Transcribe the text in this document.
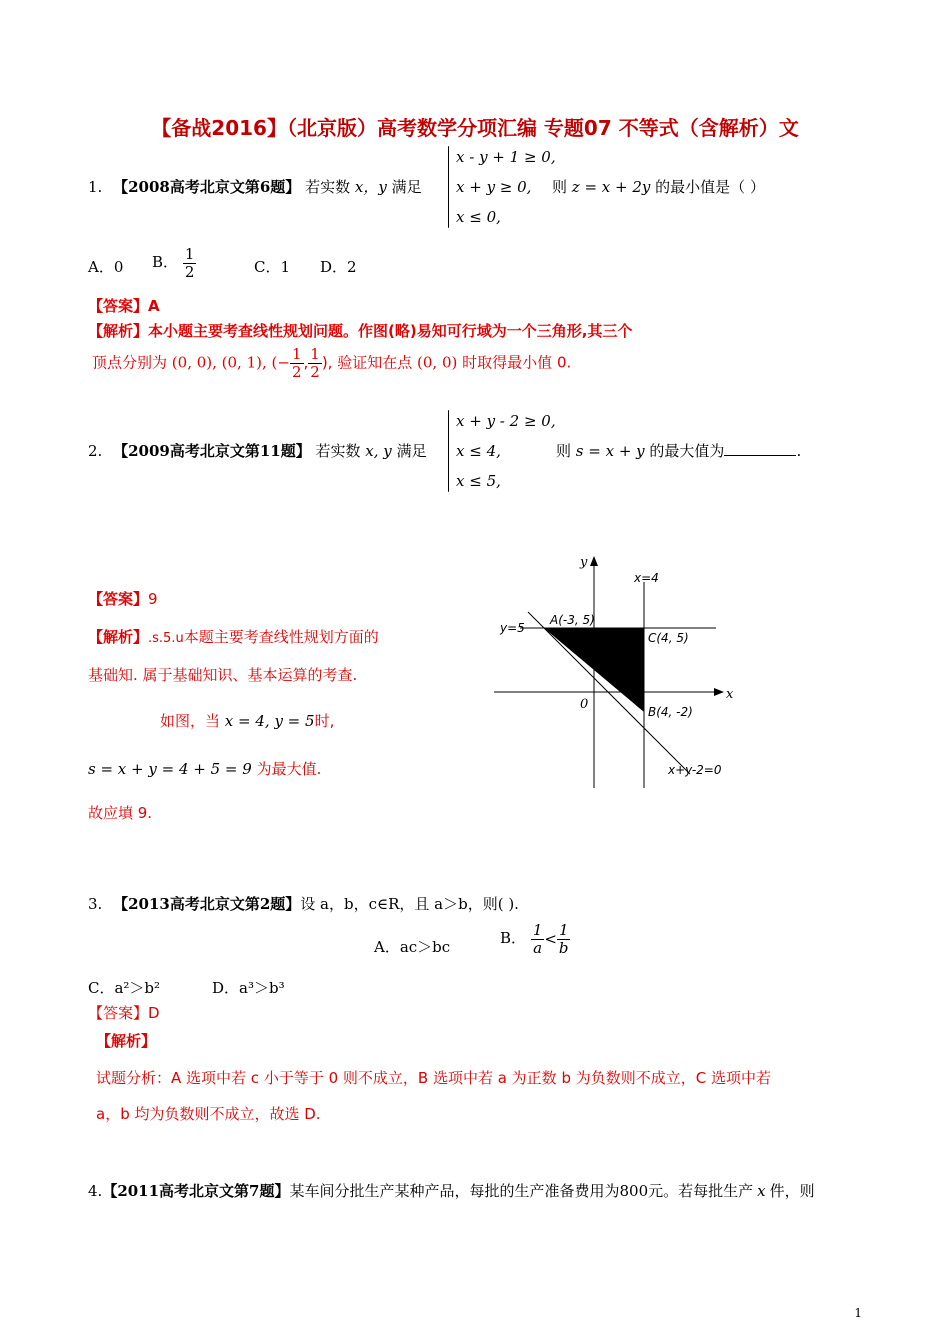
【备战2016】（北京版）高考数学分项汇编 专题07 不等式（含解析）文
1. 【2008高考北京文第6题】 若实数 x，y 满足
x - y + 1 ≥ 0,
x + y ≥ 0,
x ≤ 0,
则 z = x + 2y 的最小值是（ ）
A．0 B． $\frac{1}{2}$	C．1 D．2
【答案】A
【解析】本小题主要考查线性规划问题。作图(略)易知可行域为一个三角形,其三个
顶点分别为 (0, 0), (0, 1), (− $\frac{1}{2}$ , $\frac{1}{2}$ ), 验证知在点 (0, 0) 时取得最小值 0.
2. 【2009高考北京文第11题】 若实数 x, y 满足
x + y - 2 ≥ 0,
x ≤ 4,
x ≤ 5,
则 s = x + y 的最大值为	.
【答案】9
【解析】.s.5.u本题主要考查线性规划方面的
基础知. 属于基础知识、基本运算的考查.
如图，当 x = 4, y = 5时,
s = x + y = 4 + 5 = 9 为最大值.
故应填 9.
y
x
0
x=4
y=5
A(-3, 5)
C(4, 5)
B(4, -2)
x+y-2=0
3. 【2013高考北京文第2题】设 a，b，c∈R，且 a＞b，则( ).
A．ac＞bc	B． $\frac{1}{a} < \frac{1}{b}$
C．a²＞b²	D．a³＞b³
【答案】D
【解析】
试题分析：A 选项中若 c 小于等于 0 则不成立，B 选项中若 a 为正数 b 为负数则不成立，C 选项中若
a，b 均为负数则不成立，故选 D.
4.【2011高考北京文第7题】某车间分批生产某种产品，每批的生产准备费用为800元。若每批生产 x 件，则
1
